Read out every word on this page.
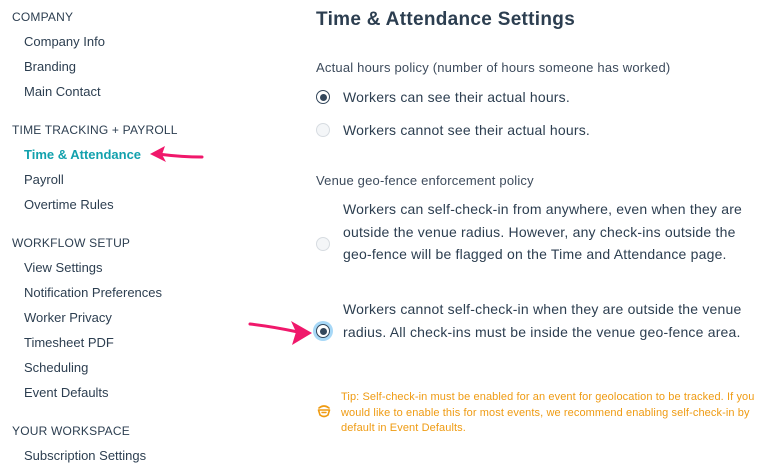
COMPANY
Company Info
Branding
Main Contact
TIME TRACKING + PAYROLL
Time & Attendance
Payroll
Overtime Rules
WORKFLOW SETUP
View Settings
Notification Preferences
Worker Privacy
Timesheet PDF
Scheduling
Event Defaults
YOUR WORKSPACE
Subscription Settings
Time & Attendance Settings
Actual hours policy (number of hours someone has worked)
Workers can see their actual hours.
Workers cannot see their actual hours.
Venue geo-fence enforcement policy
Workers can self-check-in from anywhere, even when they are outside the venue radius. However, any check-ins outside the geo-fence will be flagged on the Time and Attendance page.
Workers cannot self-check-in when they are outside the venue radius. All check-ins must be inside the venue geo-fence area.
Tip: Self-check-in must be enabled for an event for geolocation to be tracked. If you would like to enable this for most events, we recommend enabling self-check-in by default in Event Defaults.
